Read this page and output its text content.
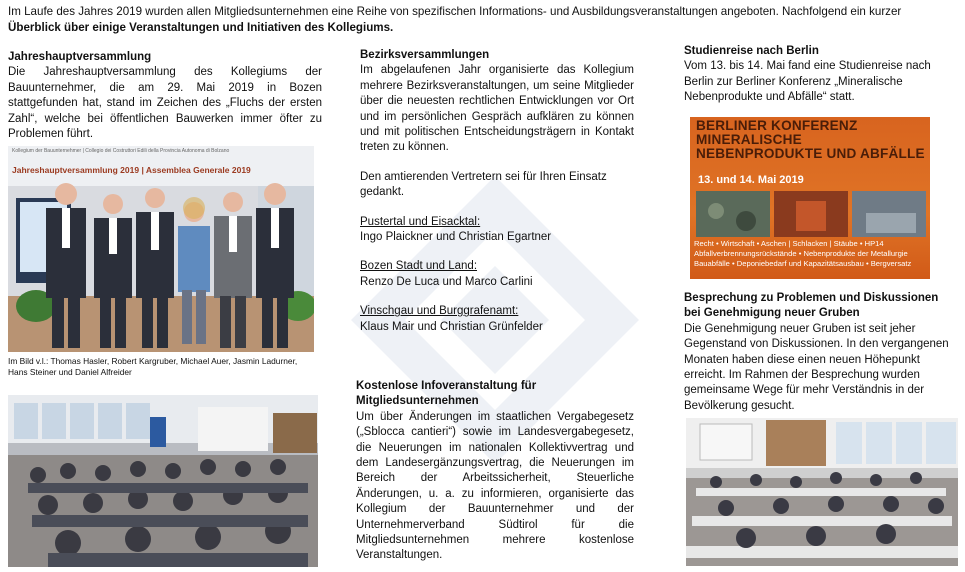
Im Laufe des Jahres 2019 wurden allen Mitgliedsunternehmen eine Reihe von spezifischen Informations- und Ausbildungsveranstaltungen angeboten. Nachfolgend ein kurzer
Überblick über einige Veranstaltungen und Initiativen des Kollegiums.
Jahreshauptversammlung

Die Jahreshauptversammlung des Kollegiums der Bauunternehmer, die am 29. Mai 2019 in Bozen stattgefunden hat, stand im Zeichen des „Fluchs der ersten Zahl“, welche bei öffentlichen Bauwerken immer öfter zu Problemen führt.

Kollegium der Bauunternehmer | Collegio dei Costruttori Edili della Provincia Autonoma di Bolzano
Jahreshauptversammlung 2019 | Assemblea Generale 2019
Im Bild v.l.: Thomas Hasler, Robert Kargruber, Michael Auer, Jasmin Ladurner, Hans Steiner und Daniel Alfreider
Bezirksversammlungen

Im abgelaufenen Jahr organisierte das Kollegium mehrere Bezirksveranstaltungen, um seine Mitglieder über die neuesten rechtlichen Entwicklungen vor Ort und im persönlichen Gespräch aufklären zu können und mit politischen Entscheidungsträgern in Kontakt treten zu können.

Den amtierenden Vertretern sei für Ihren Einsatz gedankt.

Pustertal und Eisacktal:

Ingo Plaickner und Christian Egartner

Bozen Stadt und Land:

Renzo De Luca und Marco Carlini

Vinschgau und Burggrafenamt:

Klaus Mair und Christian Grünfelder

Kostenlose Infoveranstaltung für Mitgliedsunternehmen

Um über Änderungen im staatlichen Vergabegesetz („Sblocca cantieri“) sowie im Landesvergabegesetz, die Neuerungen im nationalen Kollektivvertrag und dem Landesergänzungsvertrag, die Neuerungen im Bereich der Arbeitssicherheit, Steuerliche Änderungen, u. a. zu informieren, organisierte das Kollegium der Bauunternehmer und der Unternehmerverband Südtirol für die Mitgliedsunternehmen mehrere kostenlose Veranstaltungen.

Studienreise nach Berlin

Vom 13. bis 14. Mai fand eine Studienreise nach Berlin zur Berliner Konferenz „Mineralische Nebenprodukte und Abfälle“ statt.

BERLINER KONFERENZ MINERALISCHE NEBENPRODUKTE UND ABFÄLLE
13. und 14. Mai 2019
Recht • Wirtschaft • Aschen | Schlacken | Stäube • HP14
Abfallverbrennungsrückstände • Nebenprodukte der Metallurgie
Bauabfälle • Deponiebedarf und Kapazitätsausbau • Bergversatz
Besprechung zu Problemen und Diskussionen bei Genehmigung neuer Gruben

Die Genehmigung neuer Gruben ist seit jeher Gegenstand von Diskussionen. In den vergangenen Monaten haben diese einen neuen Höhepunkt erreicht. Im Rahmen der Besprechung wurden gemeinsame Wege für mehr Verständnis in der Bevölkerung gesucht.
